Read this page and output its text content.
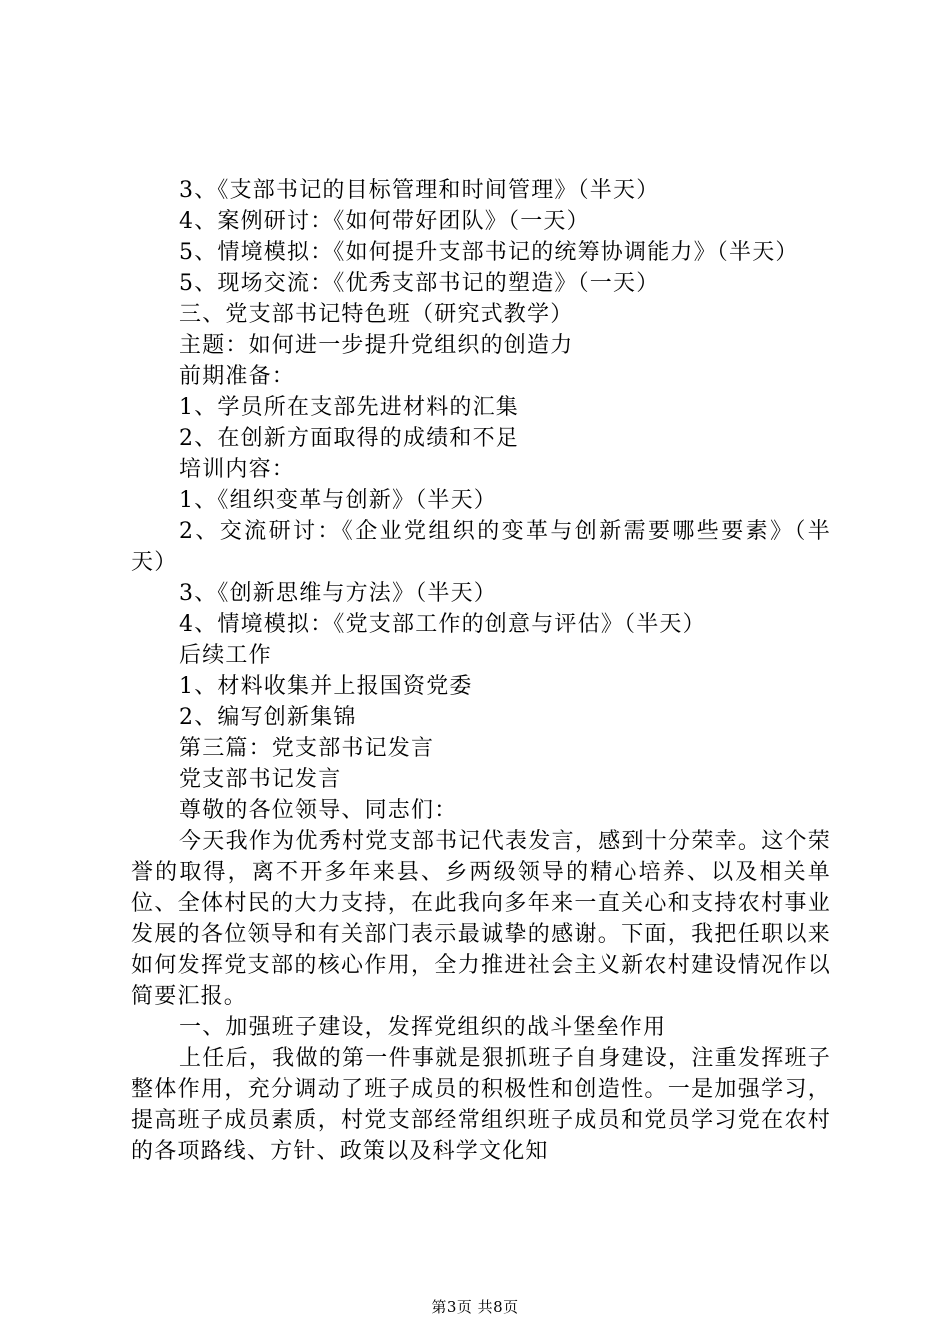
3、《支部书记的目标管理和时间管理》（半天）

4、案例研讨：《如何带好团队》（一天）

5、情境模拟：《如何提升支部书记的统筹协调能力》（半天）

5、现场交流：《优秀支部书记的塑造》（一天）

三、党支部书记特色班（研究式教学）

主题：如何进一步提升党组织的创造力

前期准备：

1、学员所在支部先进材料的汇集

2、在创新方面取得的成绩和不足

培训内容：

1、《组织变革与创新》（半天）

2、交流研讨：《企业党组织的变革与创新需要哪些要素》（半天）

3、《创新思维与方法》（半天）

4、情境模拟：《党支部工作的创意与评估》（半天）

后续工作

1、材料收集并上报国资党委

2、编写创新集锦

第三篇：党支部书记发言

党支部书记发言

尊敬的各位领导、同志们：

今天我作为优秀村党支部书记代表发言，感到十分荣幸。这个荣誉的取得，离不开多年来县、乡两级领导的精心培养、以及相关单位、全体村民的大力支持，在此我向多年来一直关心和支持农村事业发展的各位领导和有关部门表示最诚挚的感谢。下面，我把任职以来如何发挥党支部的核心作用，全力推进社会主义新农村建设情况作以简要汇报。

一、加强班子建设，发挥党组织的战斗堡垒作用

上任后，我做的第一件事就是狠抓班子自身建设，注重发挥班子整体作用，充分调动了班子成员的积极性和创造性。一是加强学习，提高班子成员素质，村党支部经常组织班子成员和党员学习党在农村的各项路线、方针、政策以及科学文化知

第3页 共8页
